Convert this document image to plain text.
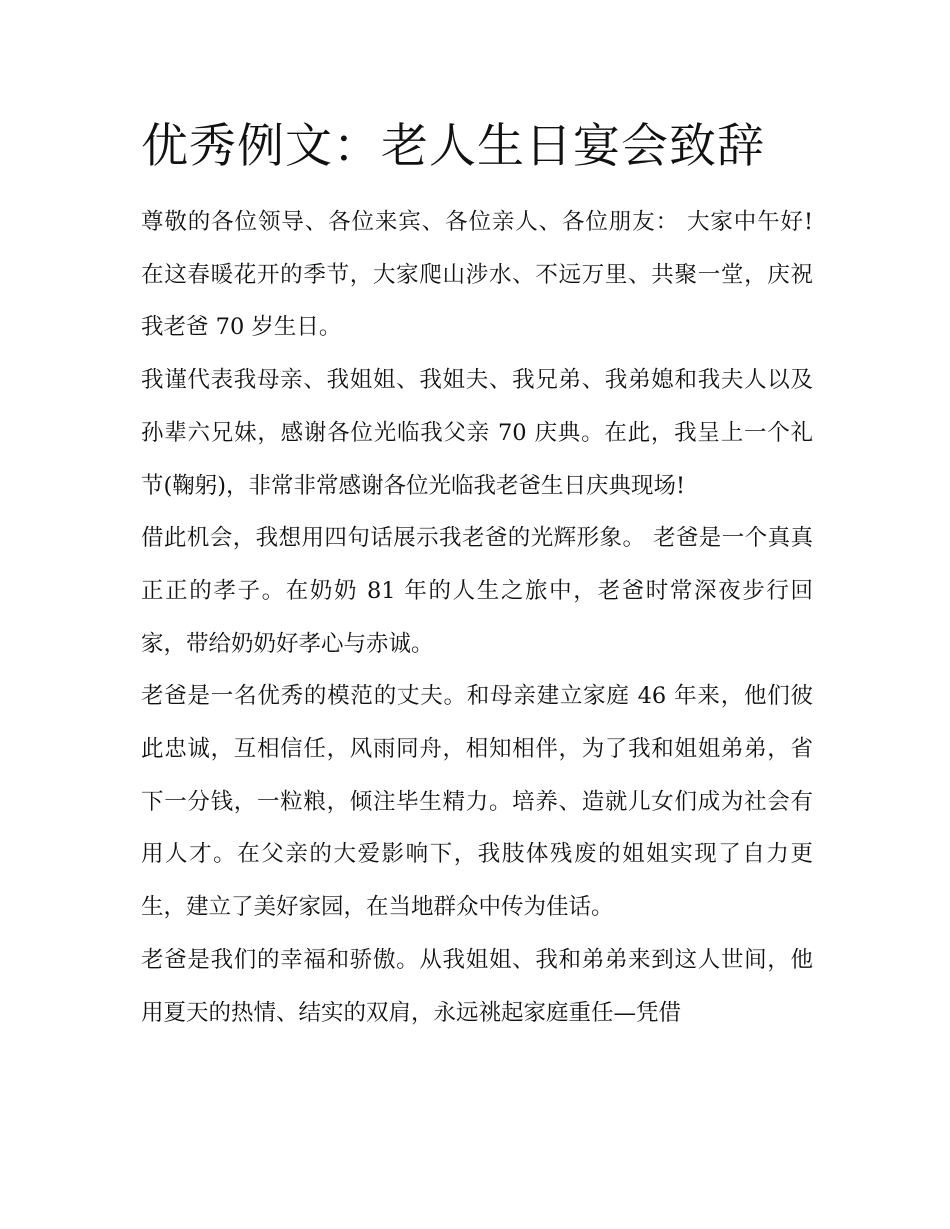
优秀例文：老人生日宴会致辞

尊敬的各位领导、各位来宾、各位亲人、各位朋友： 大家中午好! 在这春暖花开的季节，大家爬山涉水、不远万里、共聚一堂，庆祝我老爸 70 岁生日。

我谨代表我母亲、我姐姐、我姐夫、我兄弟、我弟媳和我夫人以及孙辈六兄妹，感谢各位光临我父亲 70 庆典。在此，我呈上一个礼节(鞠躬)，非常非常感谢各位光临我老爸生日庆典现场!

借此机会，我想用四句话展示我老爸的光辉形象。 老爸是一个真真正正的孝子。在奶奶 81 年的人生之旅中，老爸时常深夜步行回家，带给奶奶好孝心与赤诚。

老爸是一名优秀的模范的丈夫。和母亲建立家庭 46 年来，他们彼此忠诚，互相信任，风雨同舟，相知相伴，为了我和姐姐弟弟，省下一分钱，一粒粮，倾注毕生精力。培养、造就儿女们成为社会有用人才。在父亲的大爱影响下，我肢体残废的姐姐实现了自力更生，建立了美好家园，在当地群众中传为佳话。

老爸是我们的幸福和骄傲。从我姐姐、我和弟弟来到这人世间，他用夏天的热情、结实的双肩，永远祧起家庭重任—凭借
